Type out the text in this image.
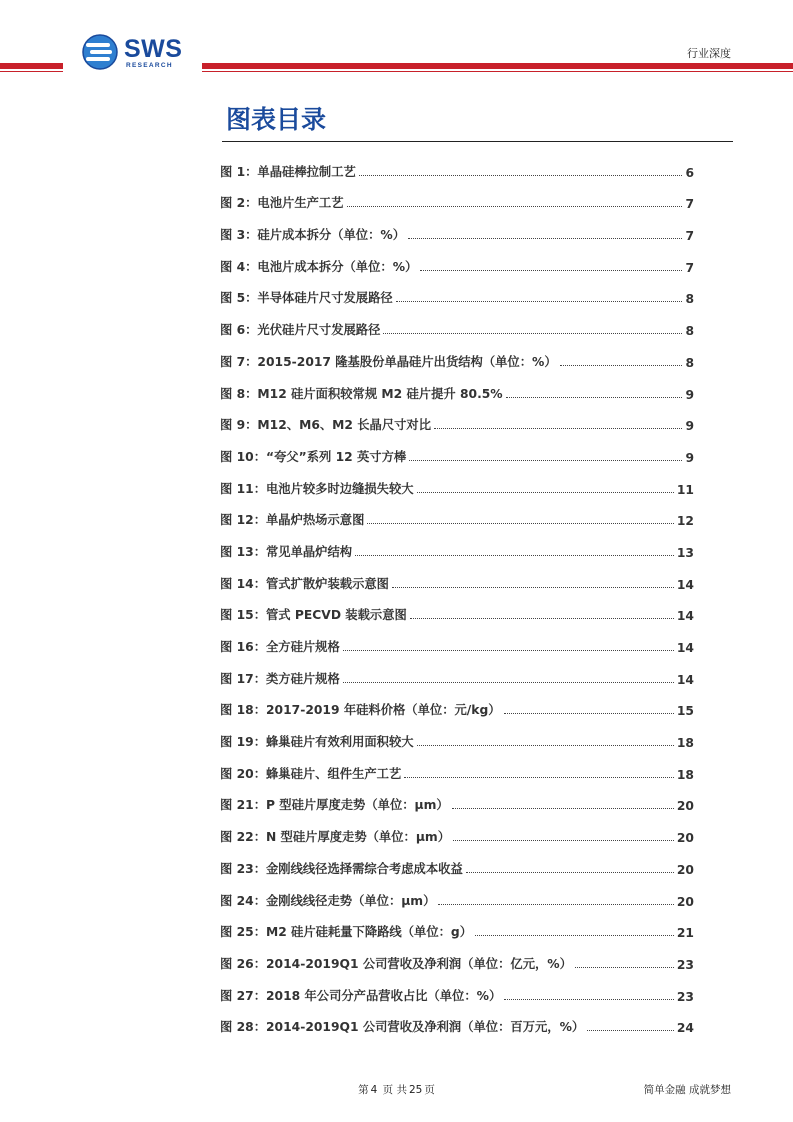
SWS
RESEARCH
行业深度
图表目录
图 1：单晶硅棒拉制工艺	6
图 2：电池片生产工艺	7
图 3：硅片成本拆分（单位：%）	7
图 4：电池片成本拆分（单位：%）	7
图 5：半导体硅片尺寸发展路径	8
图 6：光伏硅片尺寸发展路径	8
图 7：2015-2017 隆基股份单晶硅片出货结构（单位：%）	8
图 8：M12 硅片面积较常规 M2 硅片提升 80.5%	9
图 9：M12、M6、M2 长晶尺寸对比	9
图 10：“夸父”系列 12 英寸方棒	9
图 11：电池片较多时边缝损失较大	11
图 12：单晶炉热场示意图	12
图 13：常见单晶炉结构	13
图 14：管式扩散炉装载示意图	14
图 15：管式 PECVD 装载示意图	14
图 16：全方硅片规格	14
图 17：类方硅片规格	14
图 18：2017-2019 年硅料价格（单位：元/kg）	15
图 19：蜂巢硅片有效利用面积较大	18
图 20：蜂巢硅片、组件生产工艺	18
图 21：P 型硅片厚度走势（单位：μm）	20
图 22：N 型硅片厚度走势（单位：μm）	20
图 23：金刚线线径选择需综合考虑成本收益	20
图 24：金刚线线径走势（单位：μm）	20
图 25：M2 硅片硅耗量下降路线（单位：g）	21
图 26：2014-2019Q1 公司营收及净利润（单位：亿元，%）	23
图 27：2018 年公司分产品营收占比（单位：%）	23
图 28：2014-2019Q1 公司营收及净利润（单位：百万元，%）	24
第 4 页 共 25 页	简单金融 成就梦想
